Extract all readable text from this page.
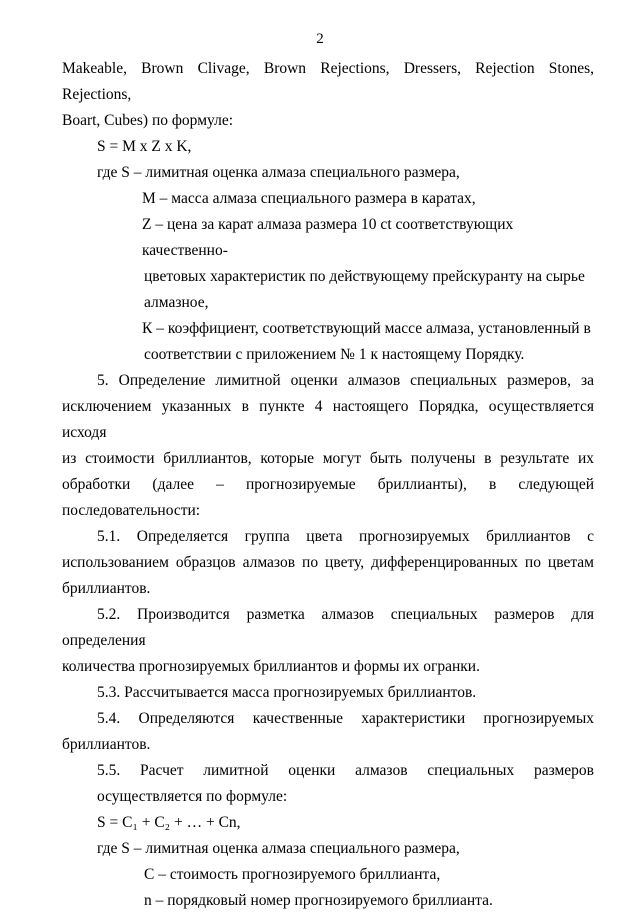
2

Makeable, Brown Clivage, Brown Rejections, Dressers, Rejection Stones, Rejections,

Boart, Cubes) по формуле:

S = M x Z x K,

где S – лимитная оценка алмаза специального размера,

M – масса алмаза специального размера в каратах,

Z – цена за карат алмаза размера 10 ct соответствующих качественно-

цветовых характеристик по действующему прейскуранту на сырье

алмазное,

К – коэффициент, соответствующий массе алмаза, установленный в

соответствии с приложением № 1 к настоящему Порядку.

5. Определение лимитной оценки алмазов специальных размеров, за

исключением указанных в пункте 4 настоящего Порядка, осуществляется исходя

из стоимости бриллиантов, которые могут быть получены в результате их

обработки (далее – прогнозируемые бриллианты), в следующей

последовательности:

5.1. Определяется группа цвета прогнозируемых бриллиантов с

использованием образцов алмазов по цвету, дифференцированных по цветам

бриллиантов.

5.2. Производится разметка алмазов специальных размеров для определения

количества прогнозируемых бриллиантов и формы их огранки.

5.3. Рассчитывается масса прогнозируемых бриллиантов.

5.4. Определяются качественные характеристики прогнозируемых

бриллиантов.

5.5. Расчет лимитной оценки алмазов специальных размеров

осуществляется по формуле:

S = C₁ + C₂ + … + Cn,

где S – лимитная оценка алмаза специального размера,

C – стоимость прогнозируемого бриллианта,

n – порядковый номер прогнозируемого бриллианта.
